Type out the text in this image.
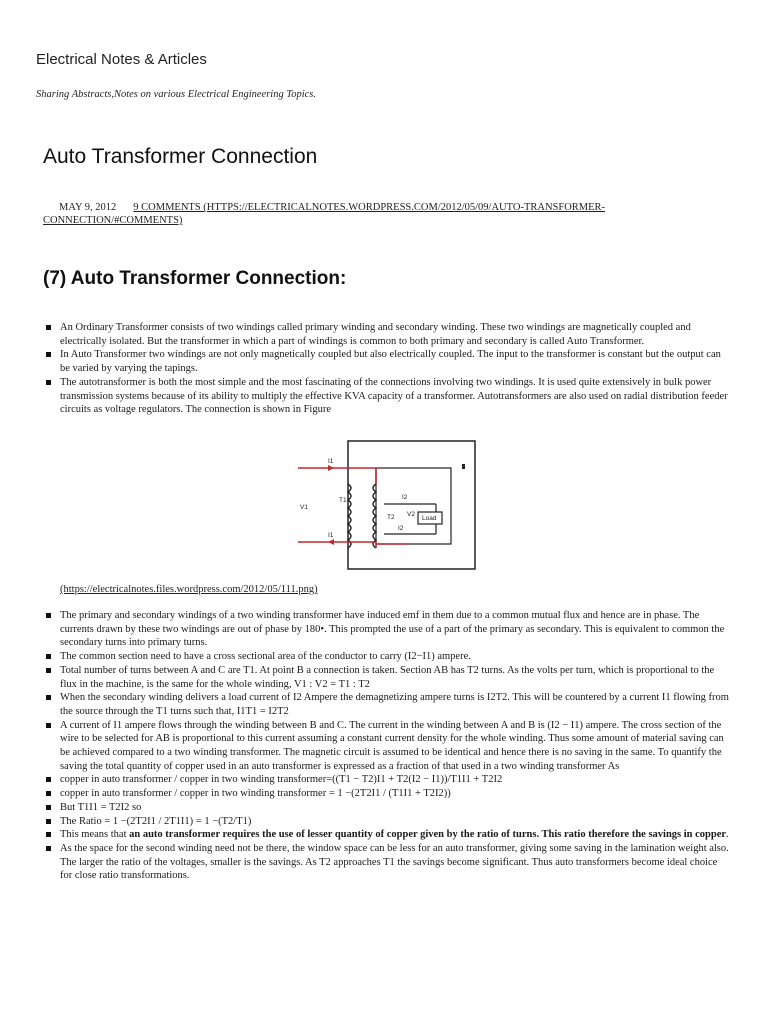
Electrical Notes & Articles
Sharing Abstracts,Notes on various Electrical Engineering Topics.
Auto Transformer Connection
MAY 9, 2012 9 COMMENTS (HTTPS://ELECTRICALNOTES.WORDPRESS.COM/2012/05/09/AUTO-TRANSFORMER-CONNECTION/#COMMENTS)
(7) Auto Transformer Connection:
An Ordinary Transformer consists of two windings called primary winding and secondary winding. These two windings are magnetically coupled and electrically isolated. But the transformer in which a part of windings is common to both primary and secondary is called Auto Transformer.
In Auto Transformer two windings are not only magnetically coupled but also electrically coupled. The input to the transformer is constant but the output can be varied by varying the tapings.
The autotransformer is both the most simple and the most fascinating of the connections involving two windings. It is used quite extensively in bulk power transmission systems because of its ability to multiply the effective KVA capacity of a transformer. Autotransformers are also used on radial distribution feeder circuits as voltage regulators. The connection is shown in Figure
I1
I1
V1
T1
T2
I2
V2
I2
Load
(https://electricalnotes.files.wordpress.com/2012/05/111.png)
The primary and secondary windings of a two winding transformer have induced emf in them due to a common mutual flux and hence are in phase. The currents drawn by these two windings are out of phase by 180•. This prompted the use of a part of the primary as secondary. This is equivalent to common the secondary turns into primary turns.
The common section need to have a cross sectional area of the conductor to carry (I2−I1) ampere.
Total number of turns between A and C are T1. At point B a connection is taken. Section AB has T2 turns. As the volts per turn, which is proportional to the flux in the machine, is the same for the whole winding, V1 : V2 = T1 : T2
When the secondary winding delivers a load current of I2 Ampere the demagnetizing ampere turns is I2T2. This will be countered by a current I1 flowing from the source through the T1 turns such that, I1T1 = I2T2
A current of I1 ampere flows through the winding between B and C. The current in the winding between A and B is (I2 − I1) ampere. The cross section of the wire to be selected for AB is proportional to this current assuming a constant current density for the whole winding. Thus some amount of material saving can be achieved compared to a two winding transformer. The magnetic circuit is assumed to be identical and hence there is no saving in the same. To quantify the saving the total quantity of copper used in an auto transformer is expressed as a fraction of that used in a two winding transformer As
copper in auto transformer / copper in two winding transformer=((T1 − T2)I1 + T2(I2 − I1))/T1I1 + T2I2
copper in auto transformer / copper in two winding transformer = 1 −(2T2I1 / (T1I1 + T2I2))
But T1I1 = T2I2 so
The Ratio = 1 −(2T2I1 / 2T1I1) = 1 −(T2/T1)
This means that an auto transformer requires the use of lesser quantity of copper given by the ratio of turns. This ratio therefore the savings in copper.
As the space for the second winding need not be there, the window space can be less for an auto transformer, giving some saving in the lamination weight also. The larger the ratio of the voltages, smaller is the savings. As T2 approaches T1 the savings become significant. Thus auto transformers become ideal choice for close ratio transformations.
